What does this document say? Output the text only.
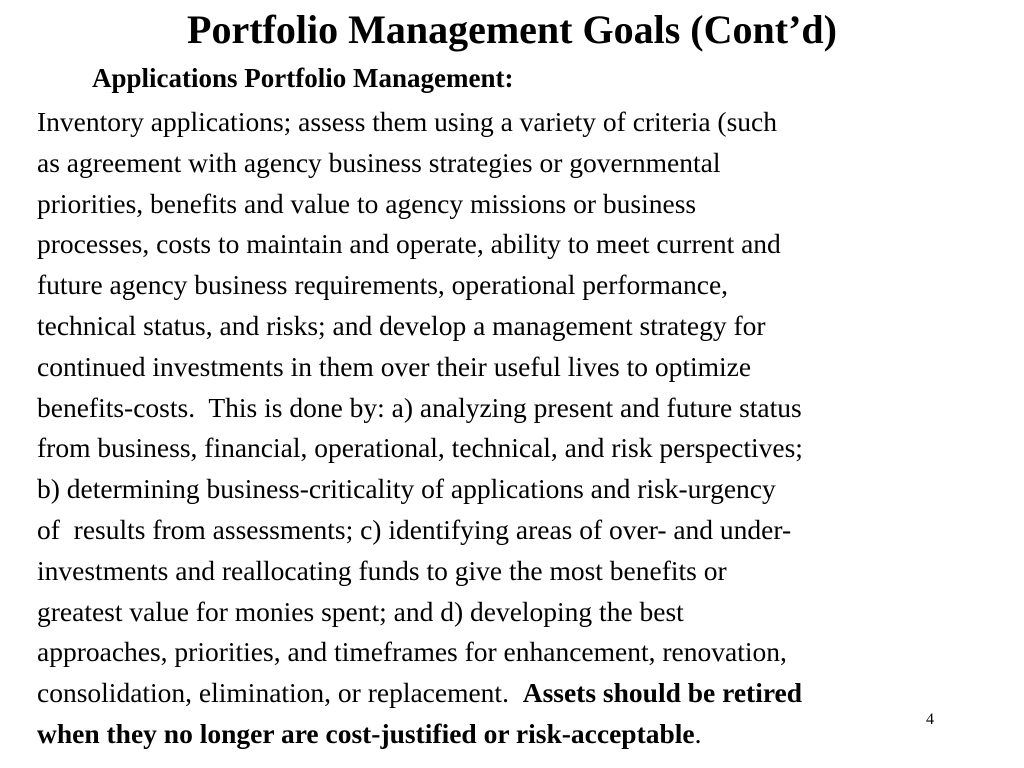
Portfolio Management Goals (Cont’d)

Applications Portfolio Management:

Inventory applications; assess them using a variety of criteria (such
as agreement with agency business strategies or governmental
priorities, benefits and value to agency missions or business
processes, costs to maintain and operate, ability to meet current and
future agency business requirements, operational performance,
technical status, and risks; and develop a management strategy for
continued investments in them over their useful lives to optimize
benefits-costs.  This is done by: a) analyzing present and future status
from business, financial, operational, technical, and risk perspectives;
b) determining business-criticality of applications and risk-urgency
of  results from assessments; c) identifying areas of over- and under-
investments and reallocating funds to give the most benefits or
greatest value for monies spent; and d) developing the best
approaches, priorities, and timeframes for enhancement, renovation,
consolidation, elimination, or replacement.  Assets should be retired
when they no longer are cost-justified or risk-acceptable.	4
